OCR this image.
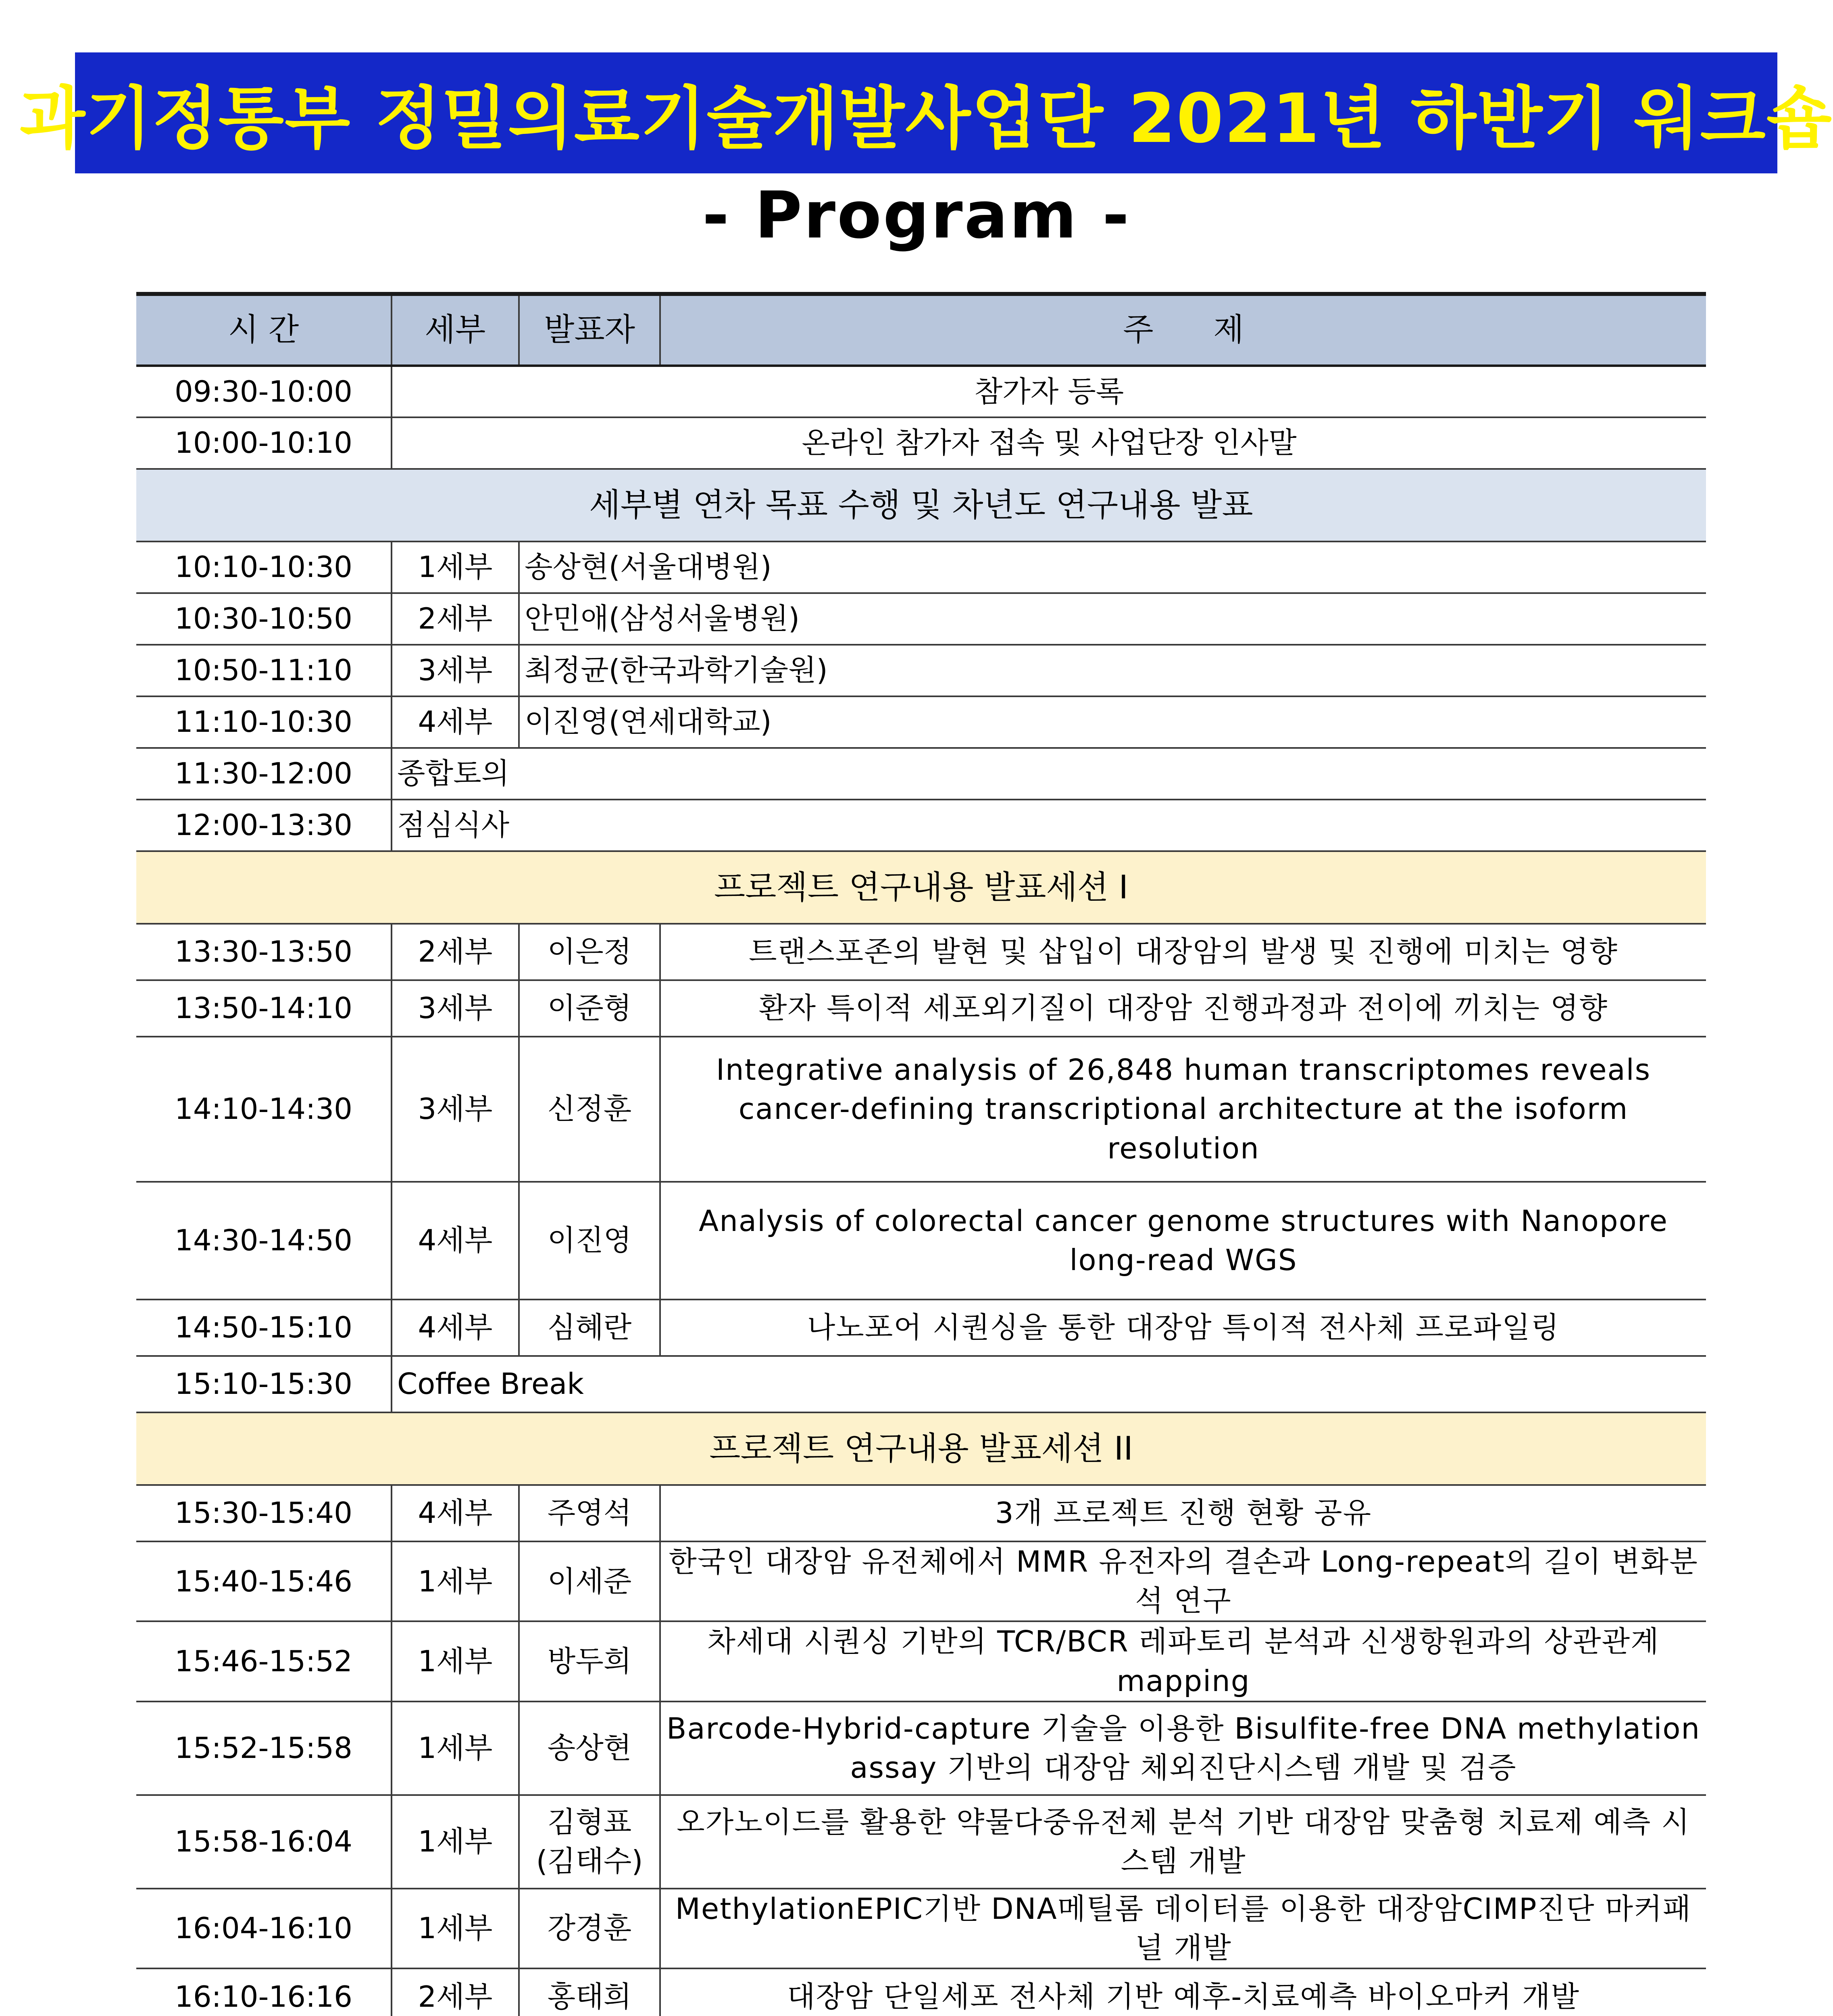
과기정통부 정밀의료기술개발사업단 2021년 하반기 워크숍
- Program -
시 간	세부	발표자	주      제
09:30-10:00	참가자 등록		
10:00-10:10	온라인 참가자 접속 및 사업단장 인사말		
세부별 연차 목표 수행 및 차년도 연구내용 발표			
10:10-10:30	1세부	송상현(서울대병원)	
10:30-10:50	2세부	안민애(삼성서울병원)	
10:50-11:10	3세부	최정균(한국과학기술원)	
11:10-10:30	4세부	이진영(연세대학교)	
11:30-12:00	종합토의		
12:00-13:30	점심식사		
프로젝트 연구내용 발표세션 I			
13:30-13:50	2세부	이은정	트랜스포존의 발현 및 삽입이 대장암의 발생 및 진행에 미치는 영향
13:50-14:10	3세부	이준형	환자 특이적 세포외기질이 대장암 진행과정과 전이에 끼치는 영향
14:10-14:30	3세부	신정훈	Integrative analysis of 26,848 human transcriptomes reveals cancer-defining transcriptional architecture at the isoform resolution
14:30-14:50	4세부	이진영	Analysis of colorectal cancer genome structures with Nanopore long-read WGS
14:50-15:10	4세부	심혜란	나노포어 시퀀싱을 통한 대장암 특이적 전사체 프로파일링
15:10-15:30	Coffee Break		
프로젝트 연구내용 발표세션 II			
15:30-15:40	4세부	주영석	3개 프로젝트 진행 현황 공유
15:40-15:46	1세부	이세준	한국인 대장암 유전체에서 MMR 유전자의 결손과 Long-repeat의 길이 변화분석 연구
15:46-15:52	1세부	방두희	차세대 시퀀싱 기반의 TCR/BCR 레파토리 분석과 신생항원과의 상관관계 mapping
15:52-15:58	1세부	송상현	Barcode-Hybrid-capture 기술을 이용한 Bisulfite-free DNA methylation assay 기반의 대장암 체외진단시스템 개발 및 검증
15:58-16:04	1세부	김형표 (김태수)	오가노이드를 활용한 약물다중유전체 분석 기반 대장암 맞춤형 치료제 예측 시스템 개발
16:04-16:10	1세부	강경훈	MethylationEPIC기반 DNA메틸롬 데이터를 이용한 대장암CIMP진단 마커패널 개발
16:10-16:16	2세부	홍태희	대장암 단일세포 전사체 기반 예후-치료예측 바이오마커 개발
